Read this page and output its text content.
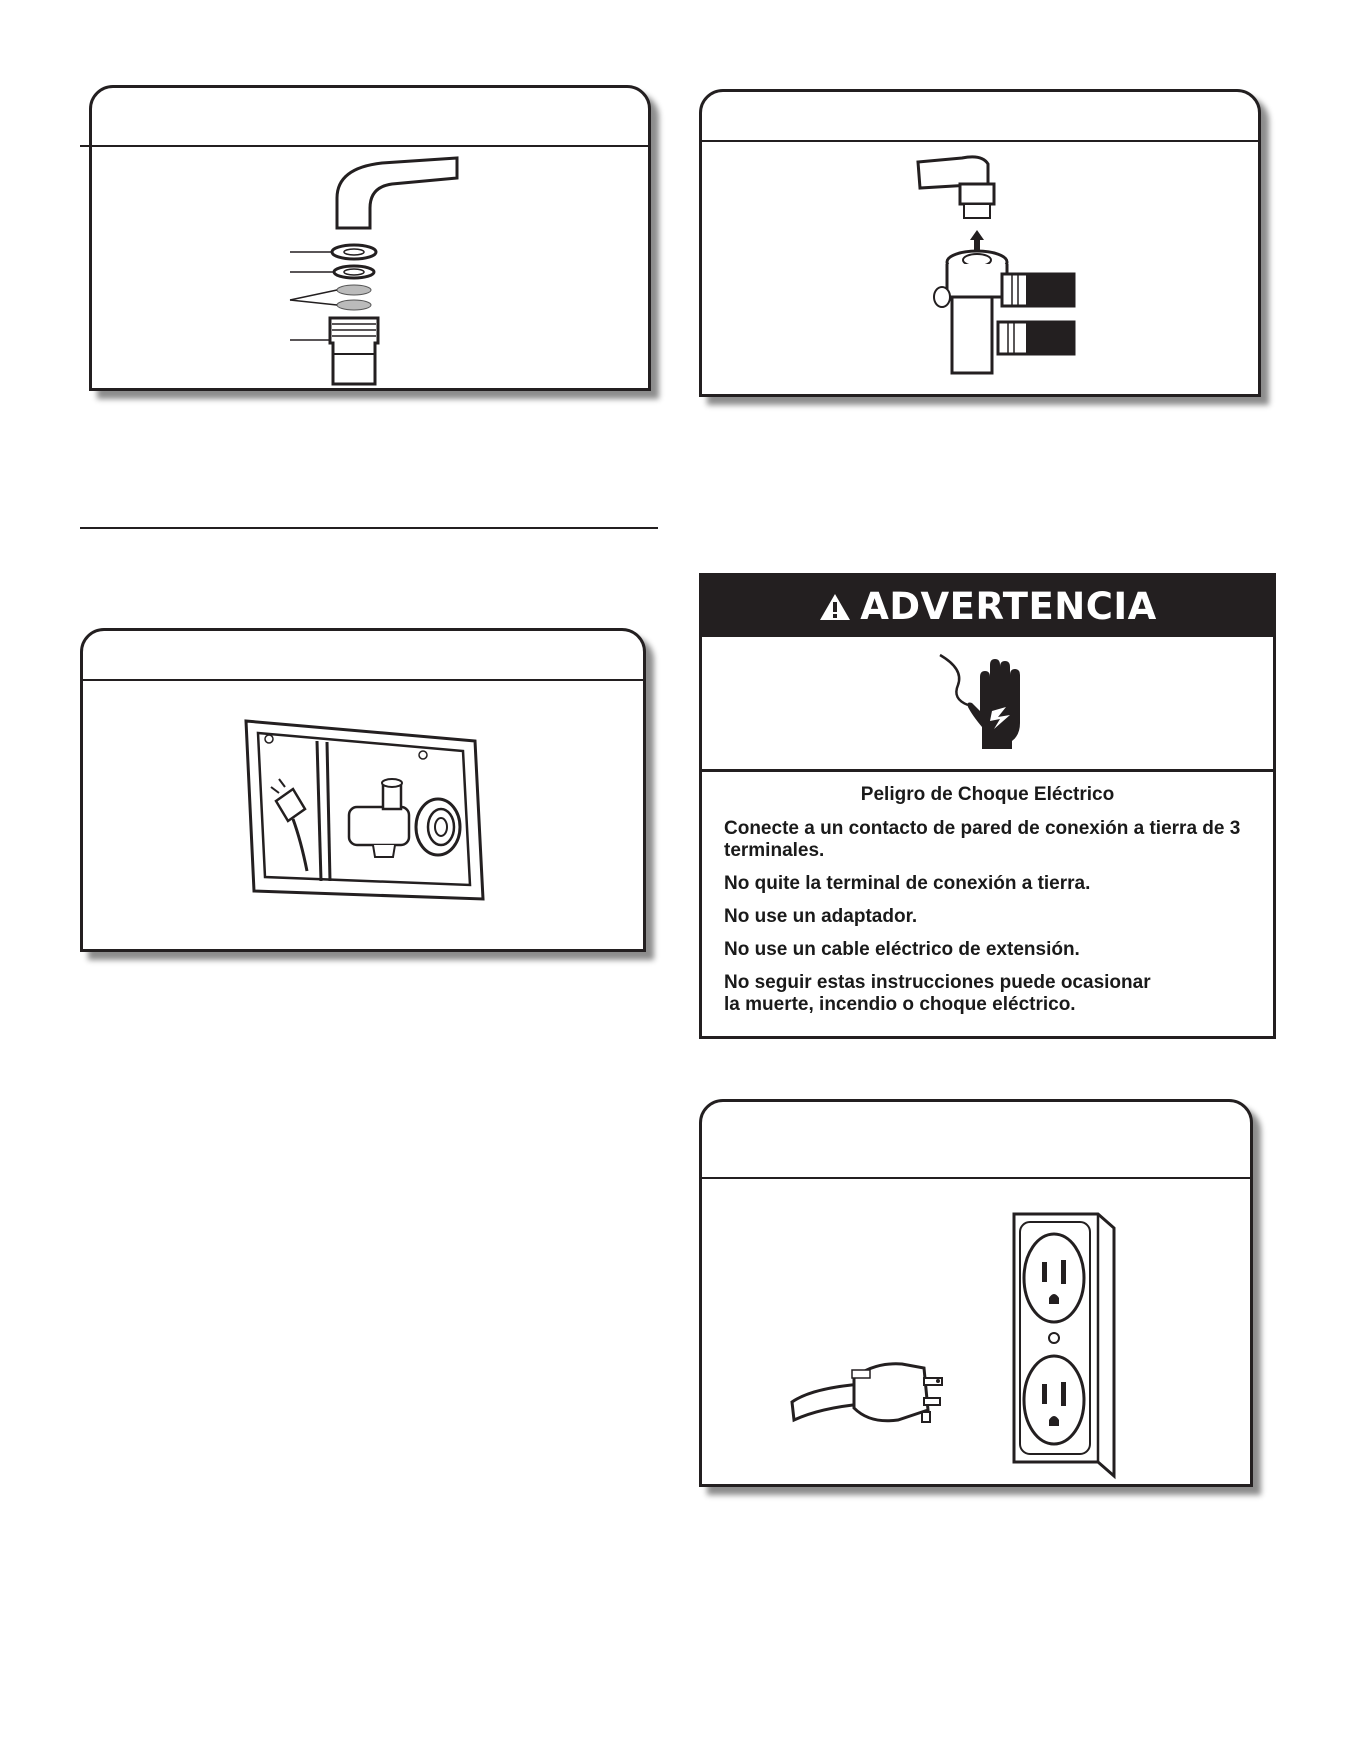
ADVERTENCIA

Peligro de Choque Eléctrico

Conecte a un contacto de pared de conexión a tierra de 3 terminales.

No quite la terminal de conexión a tierra.

No use un adaptador.

No use un cable eléctrico de extensión.

No seguir estas instrucciones puede ocasionar
la muerte, incendio o choque eléctrico.
